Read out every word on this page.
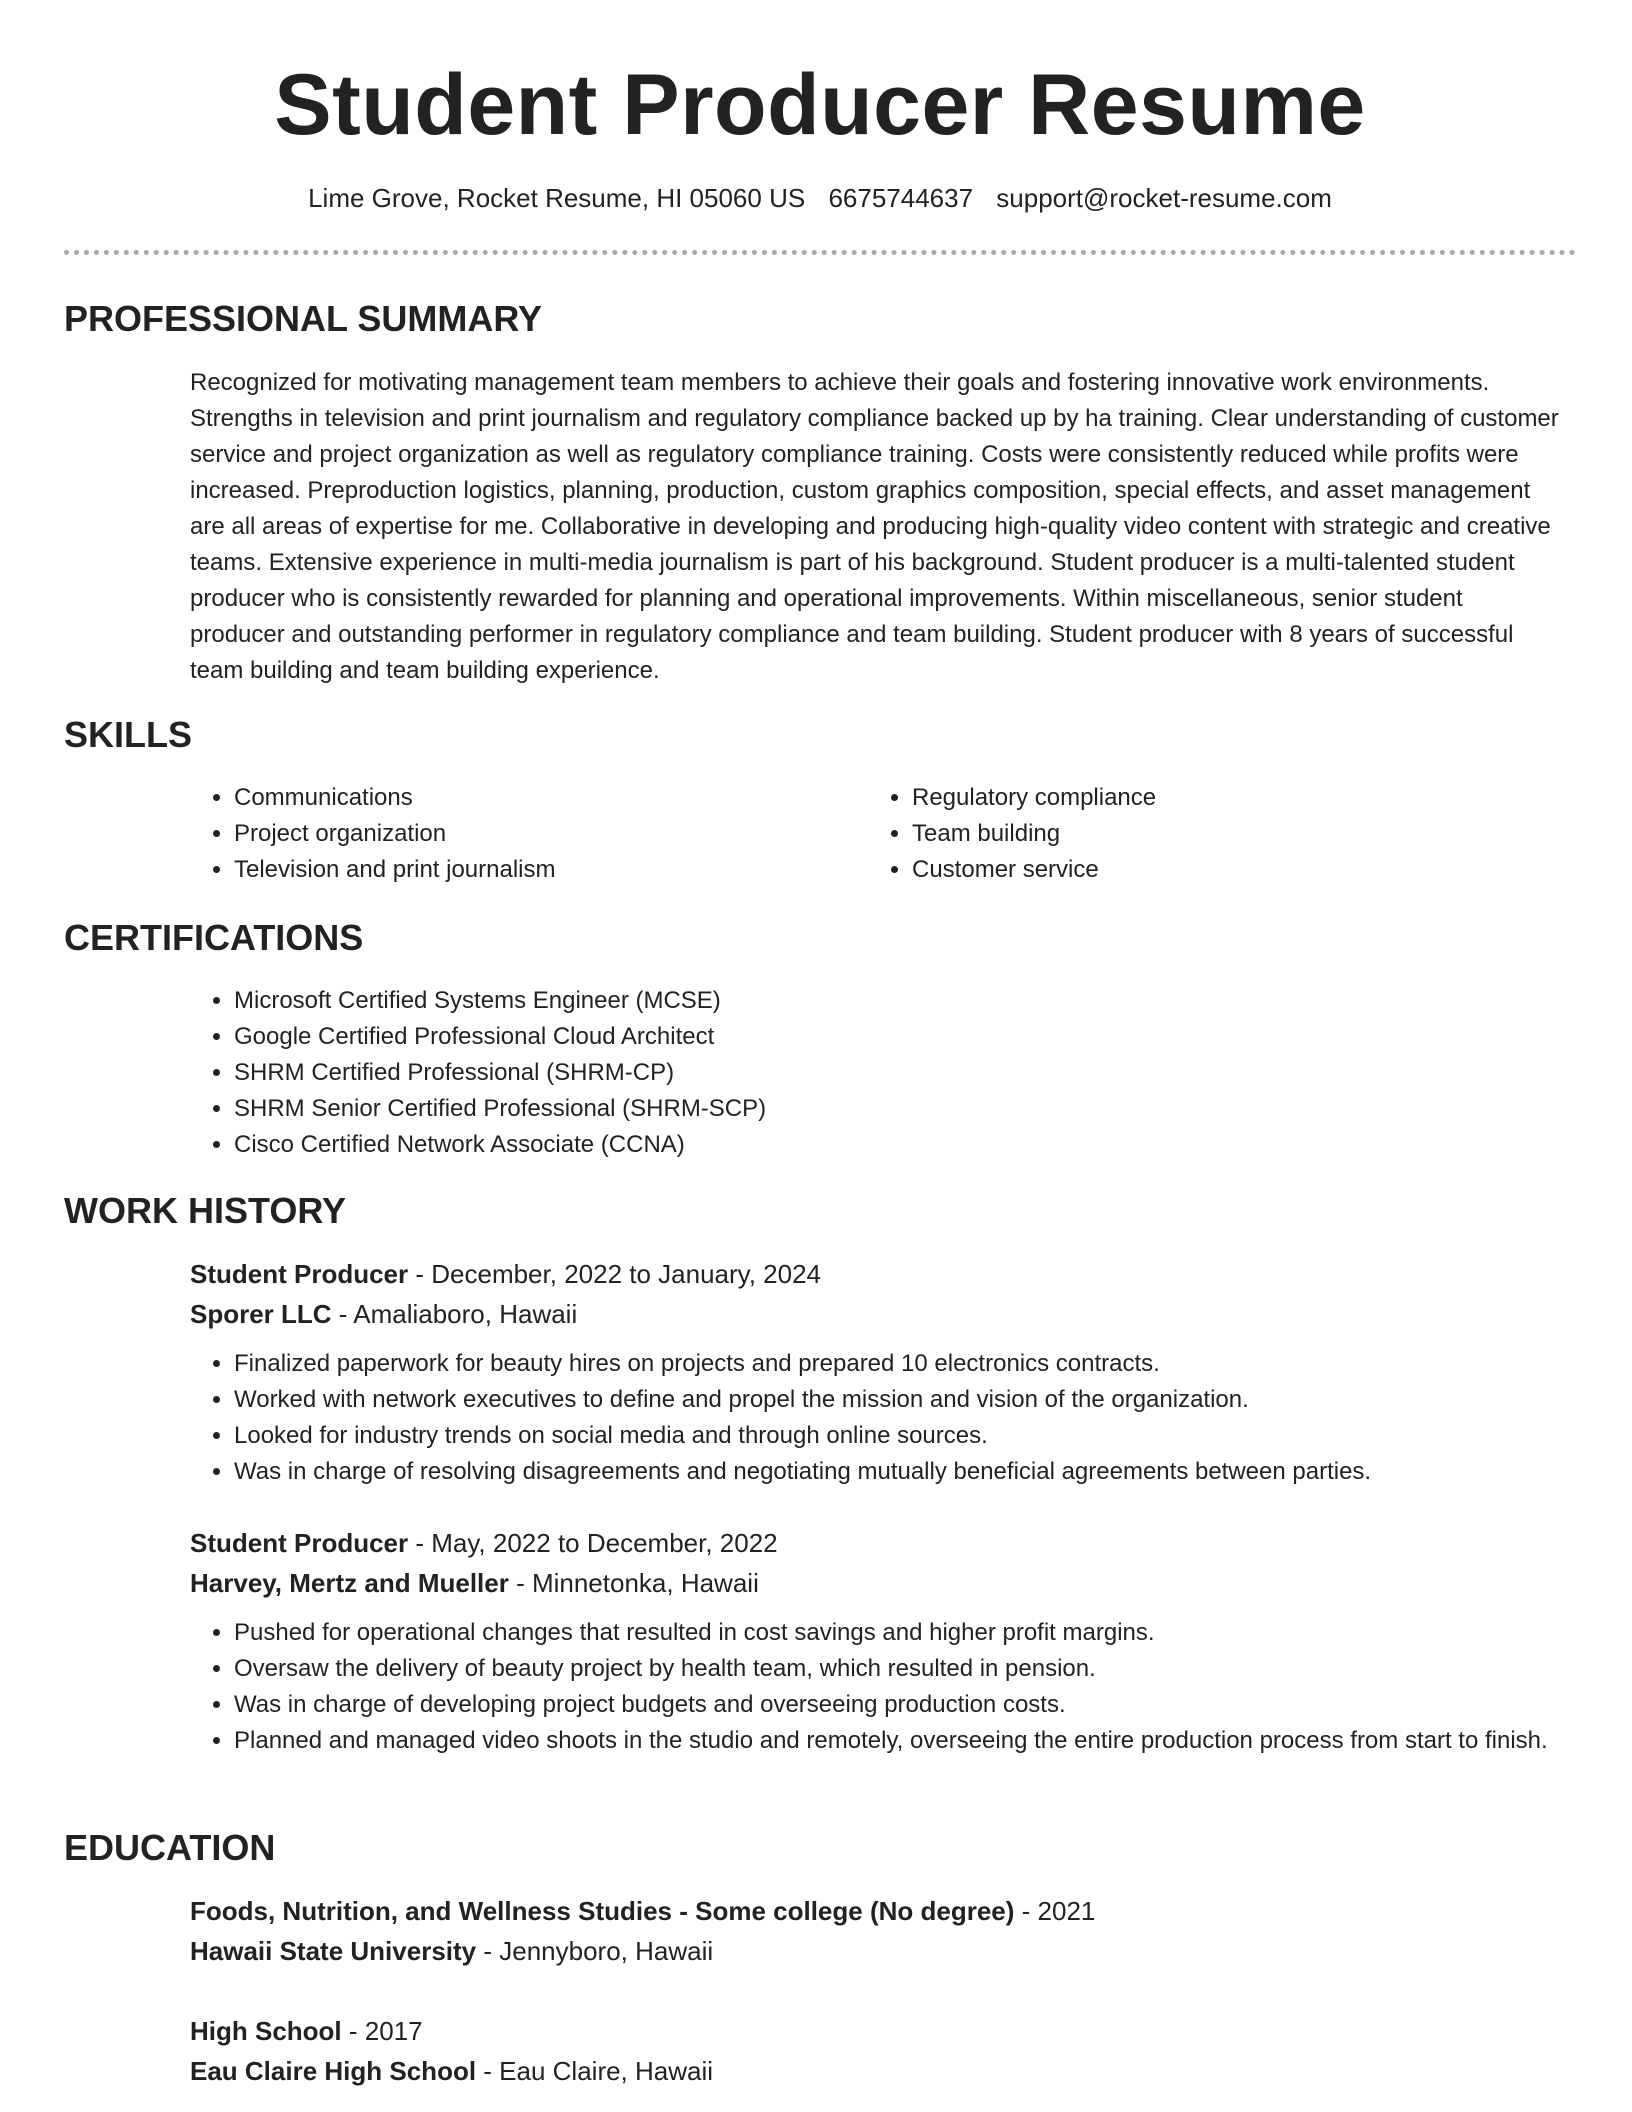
Student Producer Resume
Lime Grove, Rocket Resume, HI 05060 US 6675744637 support@rocket-resume.com
PROFESSIONAL SUMMARY

Recognized for motivating management team members to achieve their goals and fostering innovative work environments. Strengths in television and print journalism and regulatory compliance backed up by ha training. Clear understanding of customer service and project organization as well as regulatory compliance training. Costs were consistently reduced while profits were increased. Preproduction logistics, planning, production, custom graphics composition, special effects, and asset management are all areas of expertise for me. Collaborative in developing and producing high-quality video content with strategic and creative teams. Extensive experience in multi-media journalism is part of his background. Student producer is a multi-talented student producer who is consistently rewarded for planning and operational improvements. Within miscellaneous, senior student producer and outstanding performer in regulatory compliance and team building. Student producer with 8 years of successful team building and team building experience.

SKILLS
• Communications
• Project organization
• Television and print journalism
• Regulatory compliance
• Team building
• Customer service
CERTIFICATIONS
• Microsoft Certified Systems Engineer (MCSE)
• Google Certified Professional Cloud Architect
• SHRM Certified Professional (SHRM-CP)
• SHRM Senior Certified Professional (SHRM-SCP)
• Cisco Certified Network Associate (CCNA)
WORK HISTORY

Student Producer - December, 2022 to January, 2024

Sporer LLC - Amaliaboro, Hawaii

• Finalized paperwork for beauty hires on projects and prepared 10 electronics contracts.
• Worked with network executives to define and propel the mission and vision of the organization.
• Looked for industry trends on social media and through online sources.
• Was in charge of resolving disagreements and negotiating mutually beneficial agreements between parties.

Student Producer - May, 2022 to December, 2022

Harvey, Mertz and Mueller - Minnetonka, Hawaii

• Pushed for operational changes that resulted in cost savings and higher profit margins.
• Oversaw the delivery of beauty project by health team, which resulted in pension.
• Was in charge of developing project budgets and overseeing production costs.
• Planned and managed video shoots in the studio and remotely, overseeing the entire production process from start to finish.
EDUCATION

Foods, Nutrition, and Wellness Studies - Some college (No degree) - 2021

Hawaii State University - Jennyboro, Hawaii

High School - 2017

Eau Claire High School - Eau Claire, Hawaii
